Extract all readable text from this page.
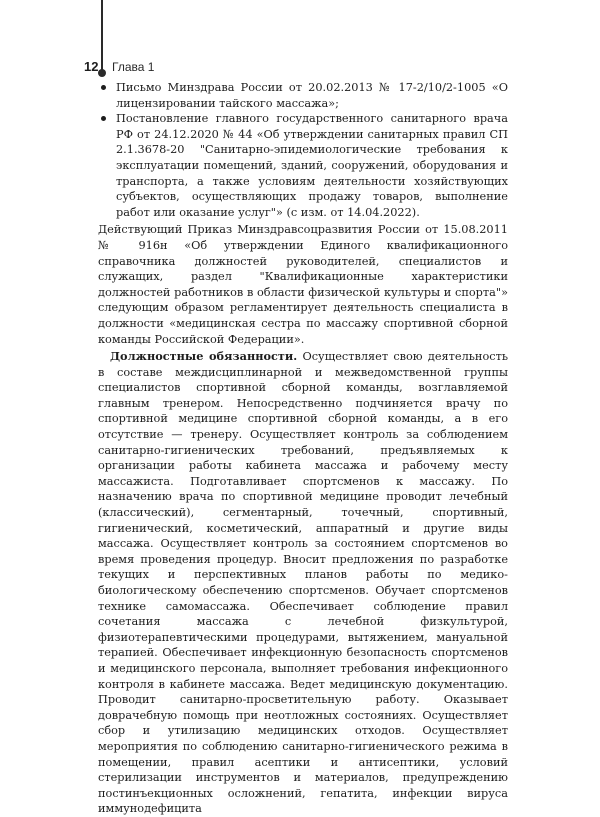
12 Глава 1
Письмо Минздрава России от 20.02.2013 № 17-2/10/2-1005 «О лицензировании тайского массажа»;
Постановление главного государственного санитарного врача РФ от 24.12.2020 № 44 «Об утверждении санитарных правил СП 2.1.3678-20 "Санитарно-эпидемиологические требования к эксплуатации помещений, зданий, сооружений, оборудования и транспорта, а также условиям деятельности хозяйствующих субъектов, осуществляющих продажу товаров, выполнение работ или оказание услуг"» (с изм. от 14.04.2022).

Действующий Приказ Минздравсоцразвития России от 15.08.2011 № 916н «Об утверждении Единого квалификационного справочника должностей руководителей, специалистов и служащих, раздел "Квалификационные характеристики должностей работников в области физической культуры и спорта"» следующим образом регламентирует деятельность специалиста в должности «медицинская сестра по массажу спортивной сборной команды Российской Федерации».

Должностные обязанности. Осуществляет свою деятельность в составе междисциплинарной и межведомственной группы специалистов спортивной сборной команды, возглавляемой главным тренером. Непосредственно подчиняется врачу по спортивной медицине спортивной сборной команды, а в его отсутствие — тренеру. Осуществляет контроль за соблюдением санитарно-гигиенических требований, предъявляемых к организации работы кабинета массажа и рабочему месту массажиста. Подготавливает спортсменов к массажу. По назначению врача по спортивной медицине проводит лечебный (классический), сегментарный, точечный, спортивный, гигиенический, косметический, аппаратный и другие виды массажа. Осуществляет контроль за состоянием спортсменов во время проведения процедур. Вносит предложения по разработке текущих и перспективных планов работы по медико-биологическому обеспечению спортсменов. Обучает спортсменов технике самомассажа. Обеспечивает соблюдение правил сочетания массажа с лечебной физкультурой, физиотерапевтическими процедурами, вытяжением, мануальной терапией. Обеспечивает инфекционную безопасность спортсменов и медицинского персонала, выполняет требования инфекционного контроля в кабинете массажа. Ведет медицинскую документацию. Проводит санитарно-просветительную работу. Оказывает доврачебную помощь при неотложных состояниях. Осуществляет сбор и утилизацию медицинских отходов. Осуществляет мероприятия по соблюдению санитарно-гигиенического режима в помещении, правил асептики и антисептики, условий стерилизации инструментов и материалов, предупреждению постинъекционных осложнений, гепатита, инфекции вируса иммунодефицита
